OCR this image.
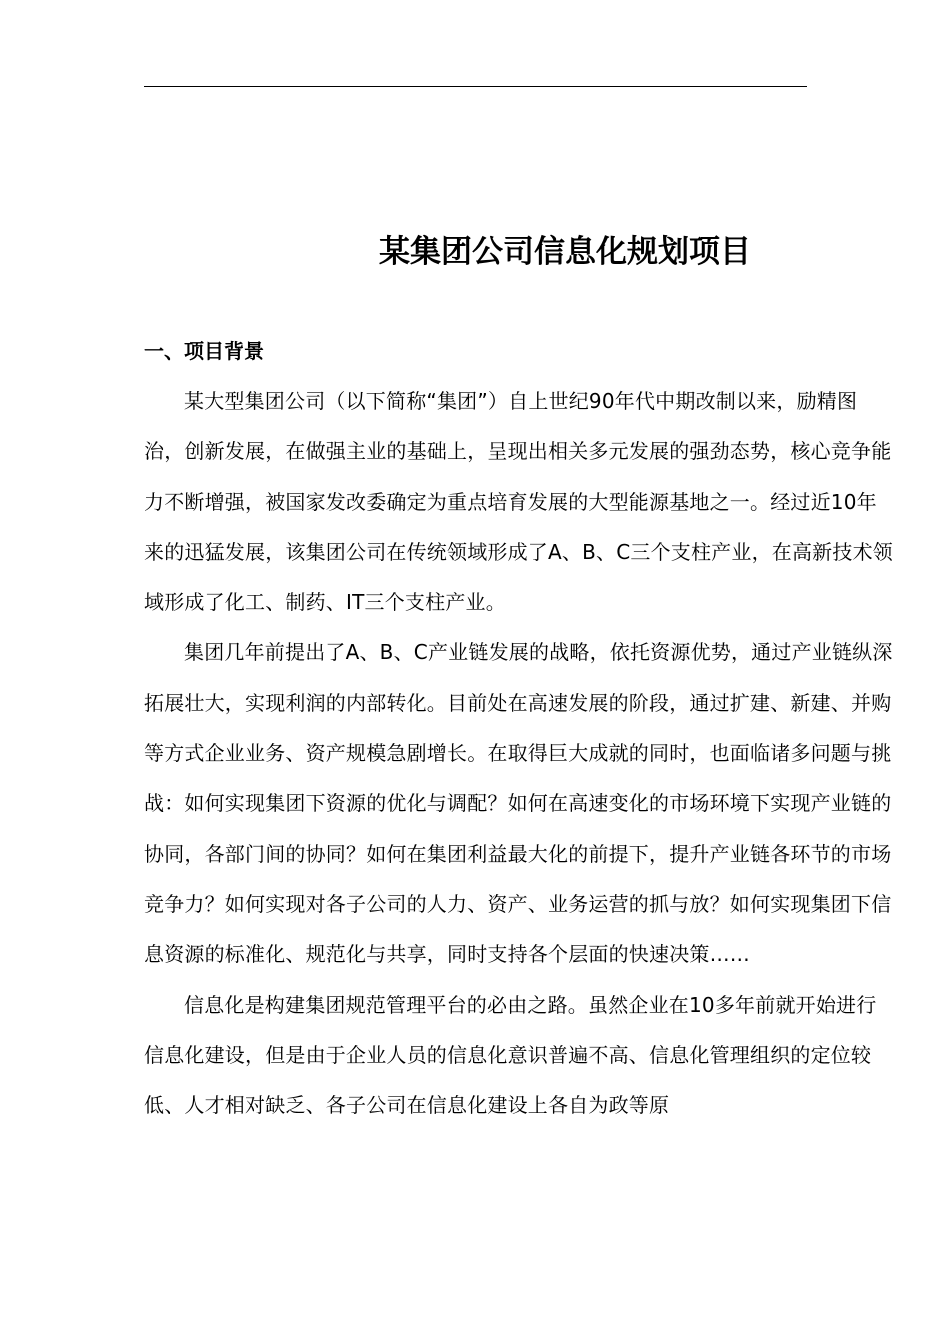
某集团公司信息化规划项目
一、项目背景

某大型集团公司（以下简称“集团”）自上世纪90年代中期改制以来，励精图治，创新发展，在做强主业的基础上，呈现出相关多元发展的强劲态势，核心竞争能力不断增强，被国家发改委确定为重点培育发展的大型能源基地之一。经过近10年来的迅猛发展，该集团公司在传统领域形成了A、B、C三个支柱产业，在高新技术领域形成了化工、制药、IT三个支柱产业。

集团几年前提出了A、B、C产业链发展的战略，依托资源优势，通过产业链纵深拓展壮大，实现利润的内部转化。目前处在高速发展的阶段，通过扩建、新建、并购等方式企业业务、资产规模急剧增长。在取得巨大成就的同时，也面临诸多问题与挑战：如何实现集团下资源的优化与调配？如何在高速变化的市场环境下实现产业链的协同，各部门间的协同？如何在集团利益最大化的前提下，提升产业链各环节的市场竞争力？如何实现对各子公司的人力、资产、业务运营的抓与放？如何实现集团下信息资源的标准化、规范化与共享，同时支持各个层面的快速决策……

信息化是构建集团规范管理平台的必由之路。虽然企业在10多年前就开始进行信息化建设，但是由于企业人员的信息化意识普遍不高、信息化管理组织的定位较低、人才相对缺乏、各子公司在信息化建设上各自为政等原
